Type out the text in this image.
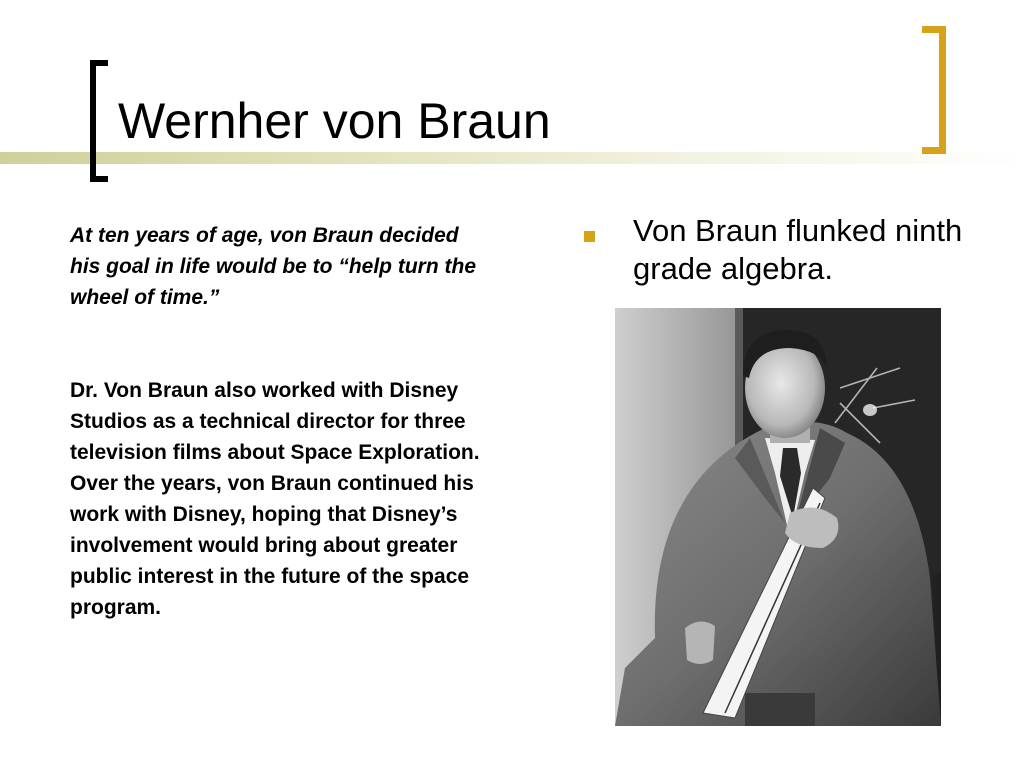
Wernher von Braun

At ten years of age, von Braun decided his goal in life would be to “help turn the wheel of time.”

Dr. Von Braun also worked with Disney Studios as a technical director for three television films about Space Exploration. Over the years, von Braun continued his work with Disney, hoping that Disney’s involvement would bring about greater public interest in the future of the space program.

Von Braun flunked ninth grade algebra.
